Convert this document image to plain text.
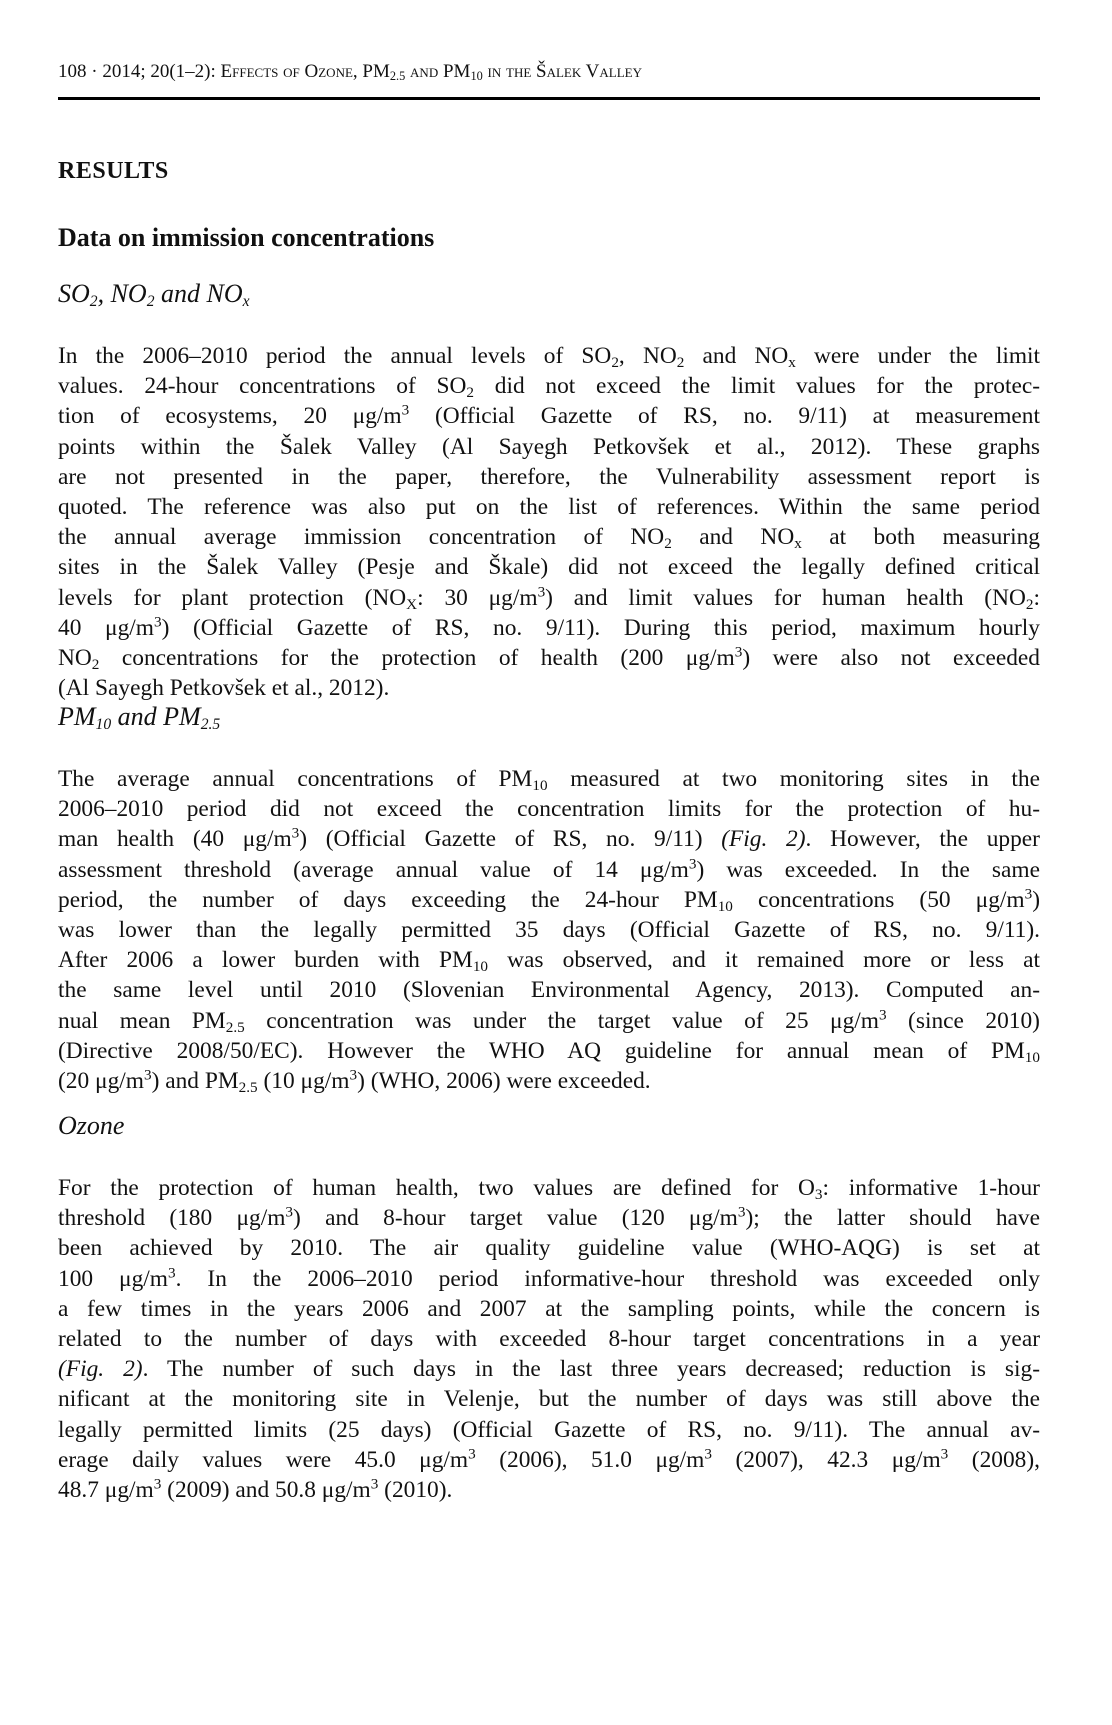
108 · 2014; 20(1–2): Effects of Ozone, $PM_{2.5}$ and $PM_{10}$ in the Šalek Valley
RESULTS
Data on immission concentrations
$SO_2$, $NO_2$ and $NO_x$
In the 2006–2010 period the annual levels of $SO_2$, $NO_2$ and $NO_x$ were under the limit
values. 24-hour concentrations of $SO_2$ did not exceed the limit values for the protec-
tion of ecosystems, 20 $\mu g/m^3$ (Official Gazette of RS, no. 9/11) at measurement
points within the Šalek Valley (Al Sayegh Petkovšek et al., 2012). These graphs
are not presented in the paper, therefore, the Vulnerability assessment report is
quoted. The reference was also put on the list of references. Within the same period
the annual average immission concentration of $NO_2$ and $NO_x$ at both measuring
sites in the Šalek Valley (Pesje and Škale) did not exceed the legally defined critical
levels for plant protection ($NO_X$: 30 $\mu g/m^3$) and limit values for human health ($NO_2$:
40 $\mu g/m^3$) (Official Gazette of RS, no. 9/11). During this period, maximum hourly
$NO_2$ concentrations for the protection of health (200 $\mu g/m^3$) were also not exceeded
(Al Sayegh Petkovšek et al., 2012).
$PM_{10}$ and $PM_{2.5}$
The average annual concentrations of $PM_{10}$ measured at two monitoring sites in the
2006–2010 period did not exceed the concentration limits for the protection of hu-
man health (40 $\mu g/m^3$) (Official Gazette of RS, no. 9/11) (Fig. 2). However, the upper
assessment threshold (average annual value of 14 $\mu g/m^3$) was exceeded. In the same
period, the number of days exceeding the 24-hour $PM_{10}$ concentrations (50 $\mu g/m^3$)
was lower than the legally permitted 35 days (Official Gazette of RS, no. 9/11).
After 2006 a lower burden with $PM_{10}$ was observed, and it remained more or less at
the same level until 2010 (Slovenian Environmental Agency, 2013). Computed an-
nual mean $PM_{2.5}$ concentration was under the target value of 25 $\mu g/m^3$ (since 2010)
(Directive 2008/50/EC). However the WHO AQ guideline for annual mean of $PM_{10}$
(20 $\mu g/m^3$) and $PM_{2.5}$ (10 $\mu g/m^3$) (WHO, 2006) were exceeded.
Ozone
For the protection of human health, two values are defined for $O_3$: informative 1-hour
threshold (180 $\mu g/m^3$) and 8-hour target value (120 $\mu g/m^3$); the latter should have
been achieved by 2010. The air quality guideline value (WHO-AQG) is set at
100 $\mu g/m^3$. In the 2006–2010 period informative-hour threshold was exceeded only
a few times in the years 2006 and 2007 at the sampling points, while the concern is
related to the number of days with exceeded 8-hour target concentrations in a year
(Fig. 2). The number of such days in the last three years decreased; reduction is sig-
nificant at the monitoring site in Velenje, but the number of days was still above the
legally permitted limits (25 days) (Official Gazette of RS, no. 9/11). The annual av-
erage daily values were 45.0 $\mu g/m^3$ (2006), 51.0 $\mu g/m^3$ (2007), 42.3 $\mu g/m^3$ (2008),
48.7 $\mu g/m^3$ (2009) and 50.8 $\mu g/m^3$ (2010).
